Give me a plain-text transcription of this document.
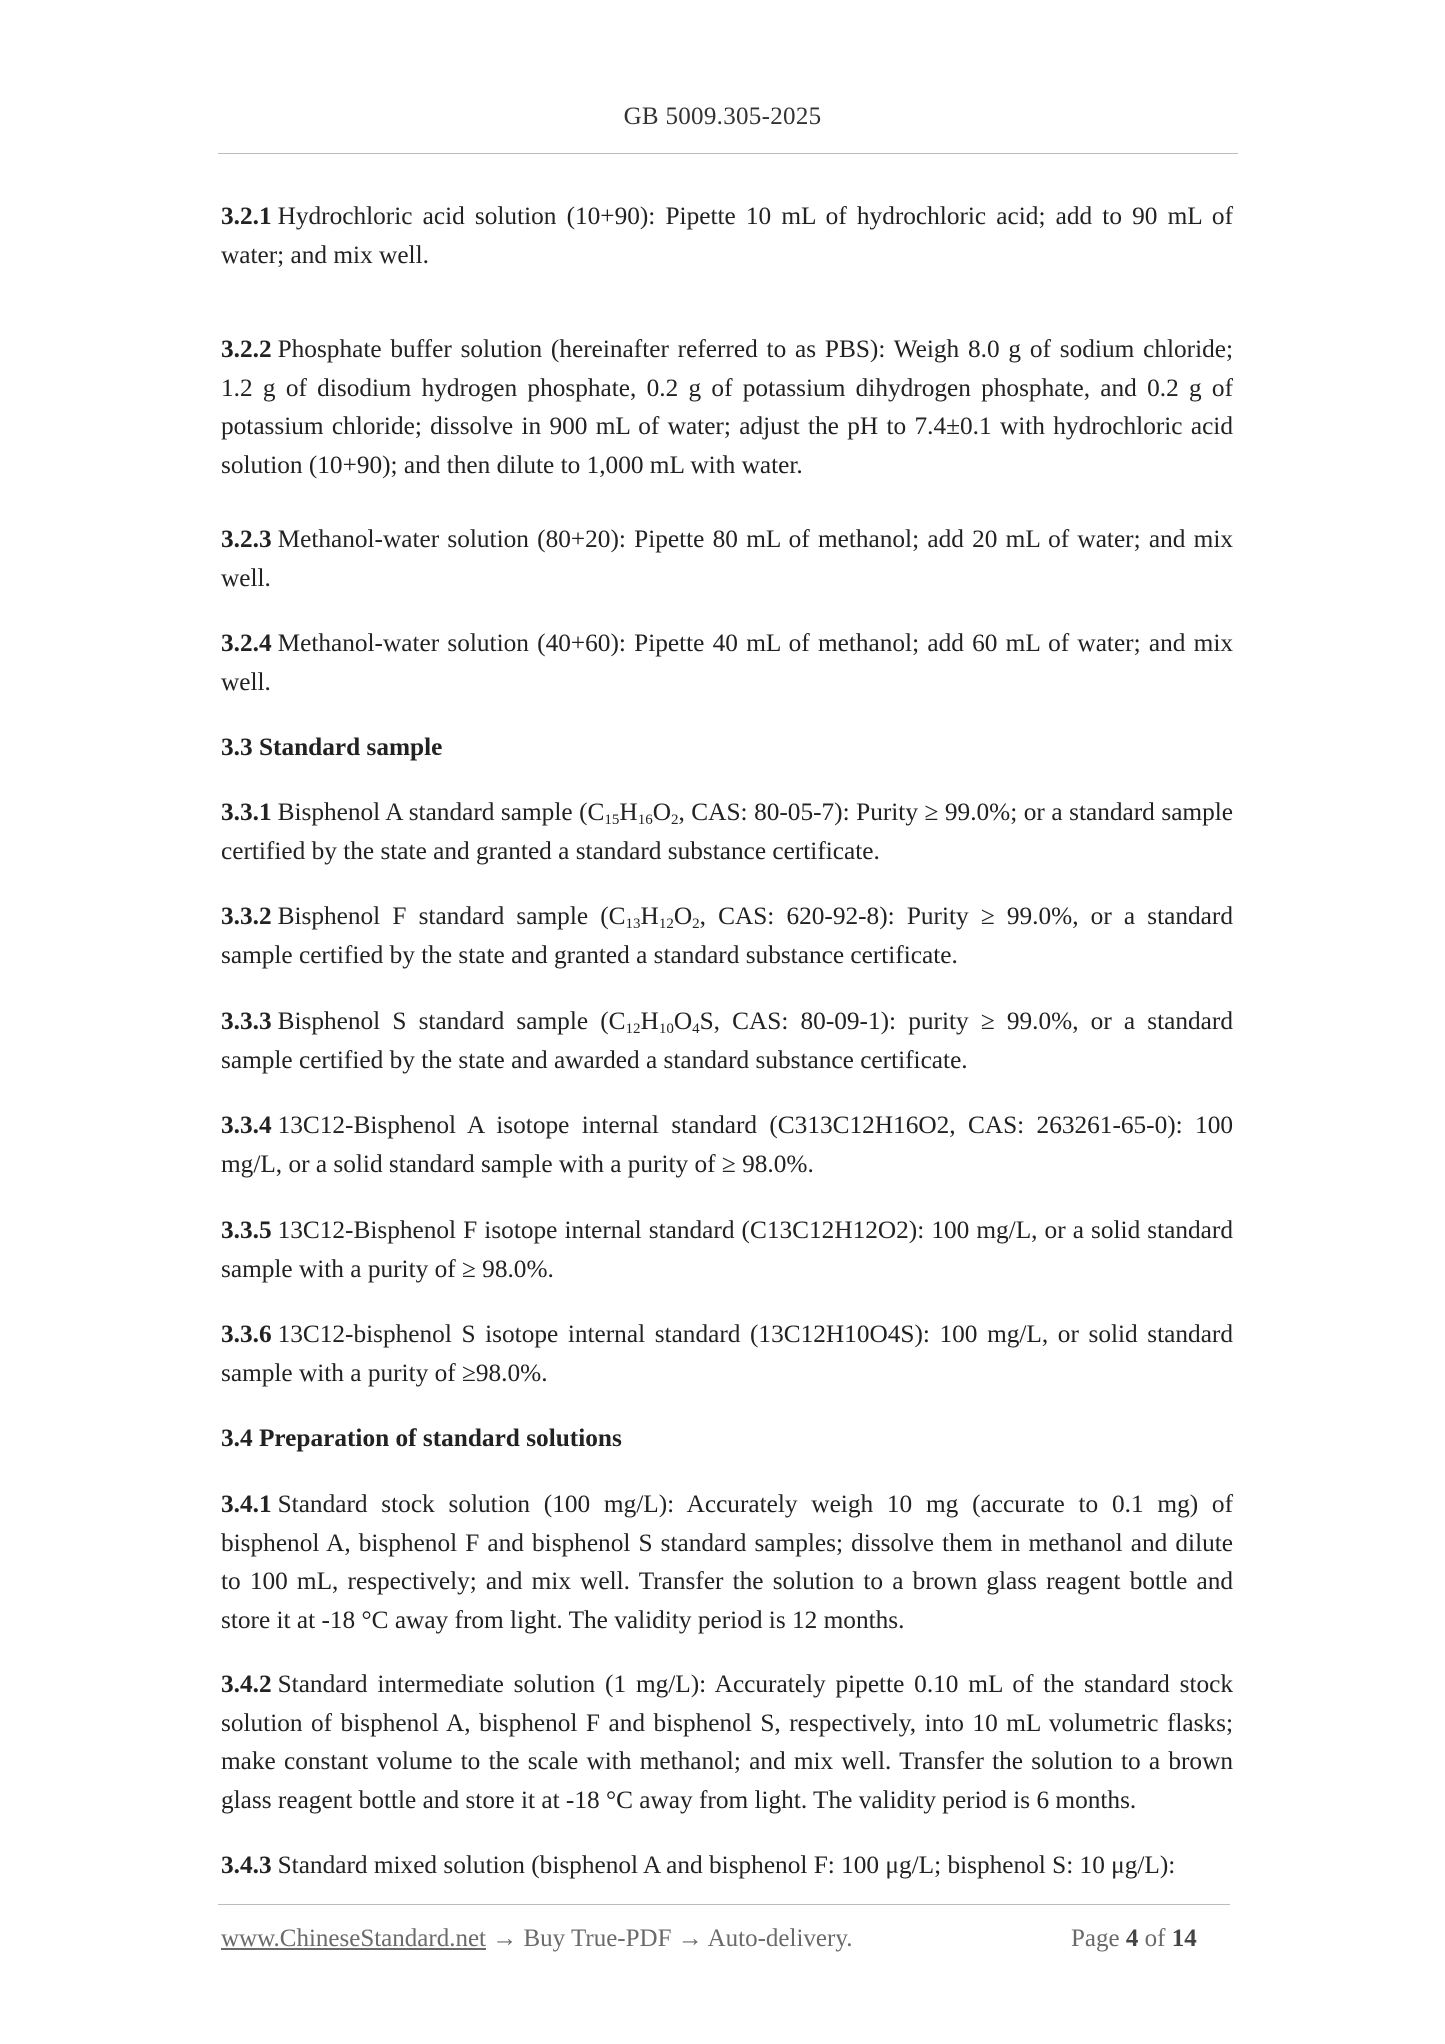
GB 5009.305-2025
3.2.1 Hydrochloric acid solution (10+90): Pipette 10 mL of hydrochloric acid; add to 90 mL of water; and mix well.
3.2.2 Phosphate buffer solution (hereinafter referred to as PBS): Weigh 8.0 g of sodium chloride; 1.2 g of disodium hydrogen phosphate, 0.2 g of potassium dihydrogen phosphate, and 0.2 g of potassium chloride; dissolve in 900 mL of water; adjust the pH to 7.4±0.1 with hydrochloric acid solution (10+90); and then dilute to 1,000 mL with water.
3.2.3 Methanol-water solution (80+20): Pipette 80 mL of methanol; add 20 mL of water; and mix well.
3.2.4 Methanol-water solution (40+60): Pipette 40 mL of methanol; add 60 mL of water; and mix well.
3.3 Standard sample
3.3.1 Bisphenol A standard sample ($C_{15}H_{16}O_2$, CAS: 80-05-7): Purity ≥ 99.0%; or a standard sample certified by the state and granted a standard substance certificate.
3.3.2 Bisphenol F standard sample ($C_{13}H_{12}O_2$, CAS: 620-92-8): Purity ≥ 99.0%, or a standard sample certified by the state and granted a standard substance certificate.
3.3.3 Bisphenol S standard sample ($C_{12}H_{10}O_4S$, CAS: 80-09-1): purity ≥ 99.0%, or a standard sample certified by the state and awarded a standard substance certificate.
3.3.4 13C12-Bisphenol A isotope internal standard (C313C12H16O2, CAS: 263261-65-0): 100 mg/L, or a solid standard sample with a purity of ≥ 98.0%.
3.3.5 13C12-Bisphenol F isotope internal standard (C13C12H12O2): 100 mg/L, or a solid standard sample with a purity of ≥ 98.0%.
3.3.6 13C12-bisphenol S isotope internal standard (13C12H10O4S): 100 mg/L, or solid standard sample with a purity of ≥98.0%.
3.4 Preparation of standard solutions
3.4.1 Standard stock solution (100 mg/L): Accurately weigh 10 mg (accurate to 0.1 mg) of bisphenol A, bisphenol F and bisphenol S standard samples; dissolve them in methanol and dilute to 100 mL, respectively; and mix well. Transfer the solution to a brown glass reagent bottle and store it at -18 °C away from light. The validity period is 12 months.
3.4.2 Standard intermediate solution (1 mg/L): Accurately pipette 0.10 mL of the standard stock solution of bisphenol A, bisphenol F and bisphenol S, respectively, into 10 mL volumetric flasks; make constant volume to the scale with methanol; and mix well. Transfer the solution to a brown glass reagent bottle and store it at -18 °C away from light. The validity period is 6 months.
3.4.3 Standard mixed solution (bisphenol A and bisphenol F: 100 μg/L; bisphenol S: 10 μg/L):
www.ChineseStandard.net → Buy True-PDF → Auto-delivery.	Page 4 of 14
